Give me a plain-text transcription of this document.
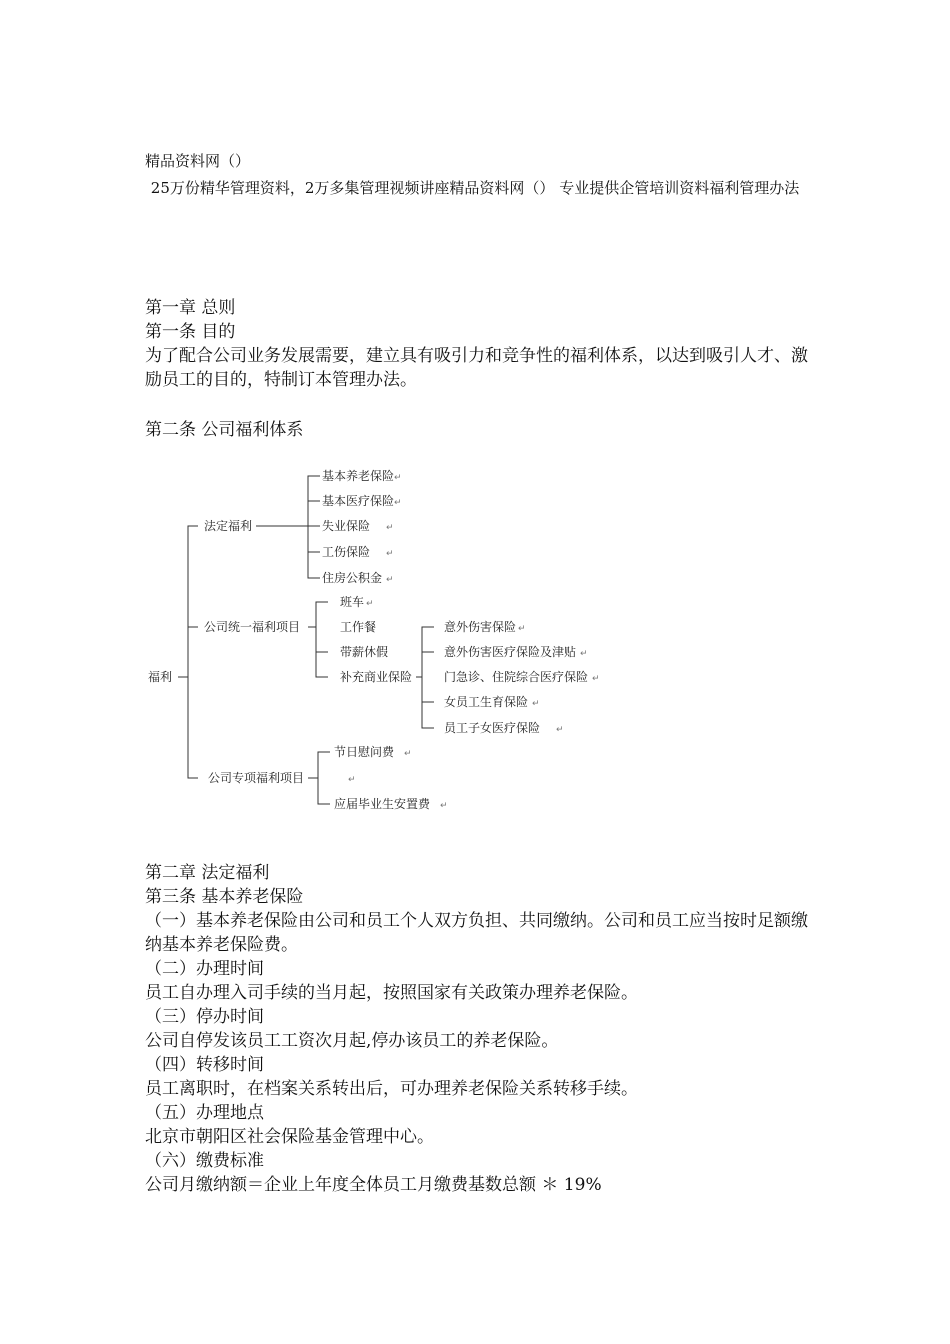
精品资料网（）
25万份精华管理资料，2万多集管理视频讲座精品资料网（） 专业提供企管培训资料福利管理办法
第一章 总则
第一条 目的
为了配合公司业务发展需要，建立具有吸引力和竞争性的福利体系，以达到吸引人才、激励员工的目的，特制订本管理办法。
第二条 公司福利体系
福利
法定福利
基本养老保险
基本医疗保险
失业保险
工伤保险
住房公积金
↵
↵
↵
↵
↵
公司统一福利项目
班车
工作餐
带薪休假
补充商业保险
↵
意外伤害保险
意外伤害医疗保险及津贴
门急诊、住院综合医疗保险
女员工生育保险
员工子女医疗保险
↵
↵
↵
↵
↵
公司专项福利项目
节日慰问费
应届毕业生安置费
↵
↵
↵
第二章 法定福利
第三条 基本养老保险
（一）基本养老保险由公司和员工个人双方负担、共同缴纳。公司和员工应当按时足额缴纳基本养老保险费。
（二）办理时间
员工自办理入司手续的当月起，按照国家有关政策办理养老保险。
（三）停办时间
公司自停发该员工工资次月起,停办该员工的养老保险。
（四）转移时间
员工离职时，在档案关系转出后，可办理养老保险关系转移手续。
（五）办理地点
北京市朝阳区社会保险基金管理中心。
（六）缴费标准
公司月缴纳额＝企业上年度全体员工月缴费基数总额 ＊ 19%
